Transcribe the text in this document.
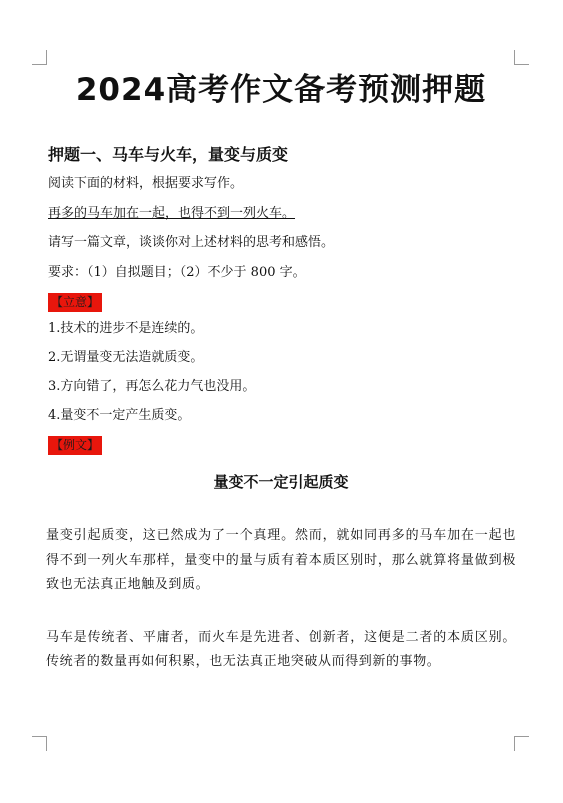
2024高考作文备考预测押题
押题一、马车与火车，量变与质变

阅读下面的材料，根据要求写作。

再多的马车加在一起，也得不到一列火车。

请写一篇文章，谈谈你对上述材料的思考和感悟。

要求：（1）自拟题目；（2）不少于 800 字。

【立意】
1.技术的进步不是连续的。
2.无谓量变无法造就质变。
3.方向错了，再怎么花力气也没用。
4.量变不一定产生质变。
【例文】
量变不一定引起质变

量变引起质变，这已然成为了一个真理。然而，就如同再多的马车加在一起也得不到一列火车那样，量变中的量与质有着本质区别时，那么就算将量做到极致也无法真正地触及到质。

马车是传统者、平庸者，而火车是先进者、创新者，这便是二者的本质区别。传统者的数量再如何积累，也无法真正地突破从而得到新的事物。
